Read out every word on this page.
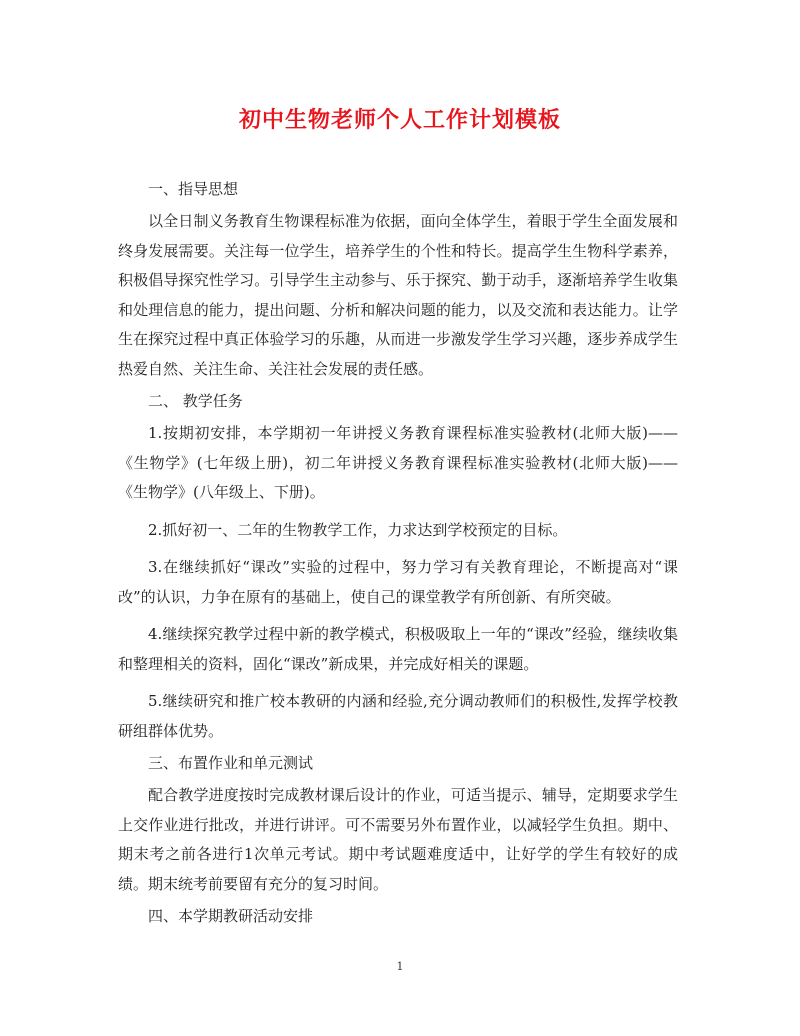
初中生物老师个人工作计划模板

一、指导思想

以全日制义务教育生物课程标准为依据，面向全体学生，着眼于学生全面发展和终身发展需要。关注每一位学生，培养学生的个性和特长。提高学生生物科学素养，积极倡导探究性学习。引导学生主动参与、乐于探究、勤于动手，逐渐培养学生收集和处理信息的能力，提出问题、分析和解决问题的能力，以及交流和表达能力。让学生在探究过程中真正体验学习的乐趣，从而进一步激发学生学习兴趣，逐步养成学生热爱自然、关注生命、关注社会发展的责任感。

二、 教学任务

1.按期初安排，本学期初一年讲授义务教育课程标准实验教材(北师大版)——《生物学》(七年级上册)，初二年讲授义务教育课程标准实验教材(北师大版)——《生物学》(八年级上、下册)。

2.抓好初一、二年的生物教学工作，力求达到学校预定的目标。

3.在继续抓好“课改”实验的过程中，努力学习有关教育理论，不断提高对“课改”的认识，力争在原有的基础上，使自己的课堂教学有所创新、有所突破。

4.继续探究教学过程中新的教学模式，积极吸取上一年的“课改”经验，继续收集和整理相关的资料，固化“课改”新成果，并完成好相关的课题。

5.继续研究和推广校本教研的内涵和经验,充分调动教师们的积极性,发挥学校教研组群体优势。

三、布置作业和单元测试

配合教学进度按时完成教材课后设计的作业，可适当提示、辅导，定期要求学生上交作业进行批改，并进行讲评。可不需要另外布置作业，以减轻学生负担。期中、期末考之前各进行1次单元考试。期中考试题难度适中，让好学的学生有较好的成绩。期末统考前要留有充分的复习时间。

四、本学期教研活动安排

1
